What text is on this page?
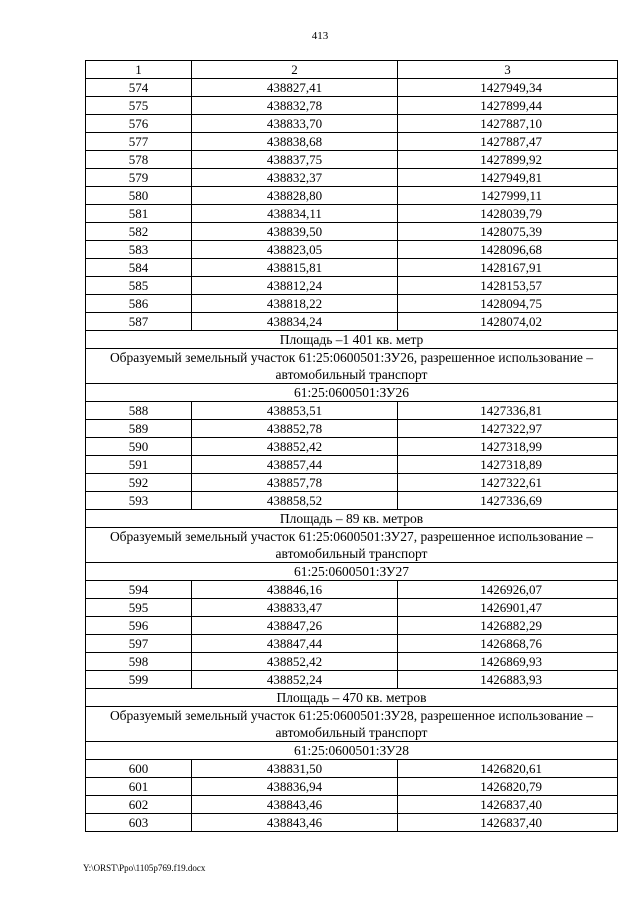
413
1	2	3
574	438827,41	1427949,34
575	438832,78	1427899,44
576	438833,70	1427887,10
577	438838,68	1427887,47
578	438837,75	1427899,92
579	438832,37	1427949,81
580	438828,80	1427999,11
581	438834,11	1428039,79
582	438839,50	1428075,39
583	438823,05	1428096,68
584	438815,81	1428167,91
585	438812,24	1428153,57
586	438818,22	1428094,75
587	438834,24	1428074,02
Площадь –1 401 кв. метр		
Образуемый земельный участок 61:25:0600501:ЗУ26, разрешенное использование – автомобильный транспорт		
61:25:0600501:ЗУ26		
588	438853,51	1427336,81
589	438852,78	1427322,97
590	438852,42	1427318,99
591	438857,44	1427318,89
592	438857,78	1427322,61
593	438858,52	1427336,69
Площадь – 89 кв. метров		
Образуемый земельный участок 61:25:0600501:ЗУ27, разрешенное использование – автомобильный транспорт		
61:25:0600501:ЗУ27		
594	438846,16	1426926,07
595	438833,47	1426901,47
596	438847,26	1426882,29
597	438847,44	1426868,76
598	438852,42	1426869,93
599	438852,24	1426883,93
Площадь – 470 кв. метров		
Образуемый земельный участок 61:25:0600501:ЗУ28, разрешенное использование – автомобильный транспорт		
61:25:0600501:ЗУ28		
600	438831,50	1426820,61
601	438836,94	1426820,79
602	438843,46	1426837,40
603	438843,46	1426837,40
Y:\ORST\Ppo\1105p769.f19.docx
